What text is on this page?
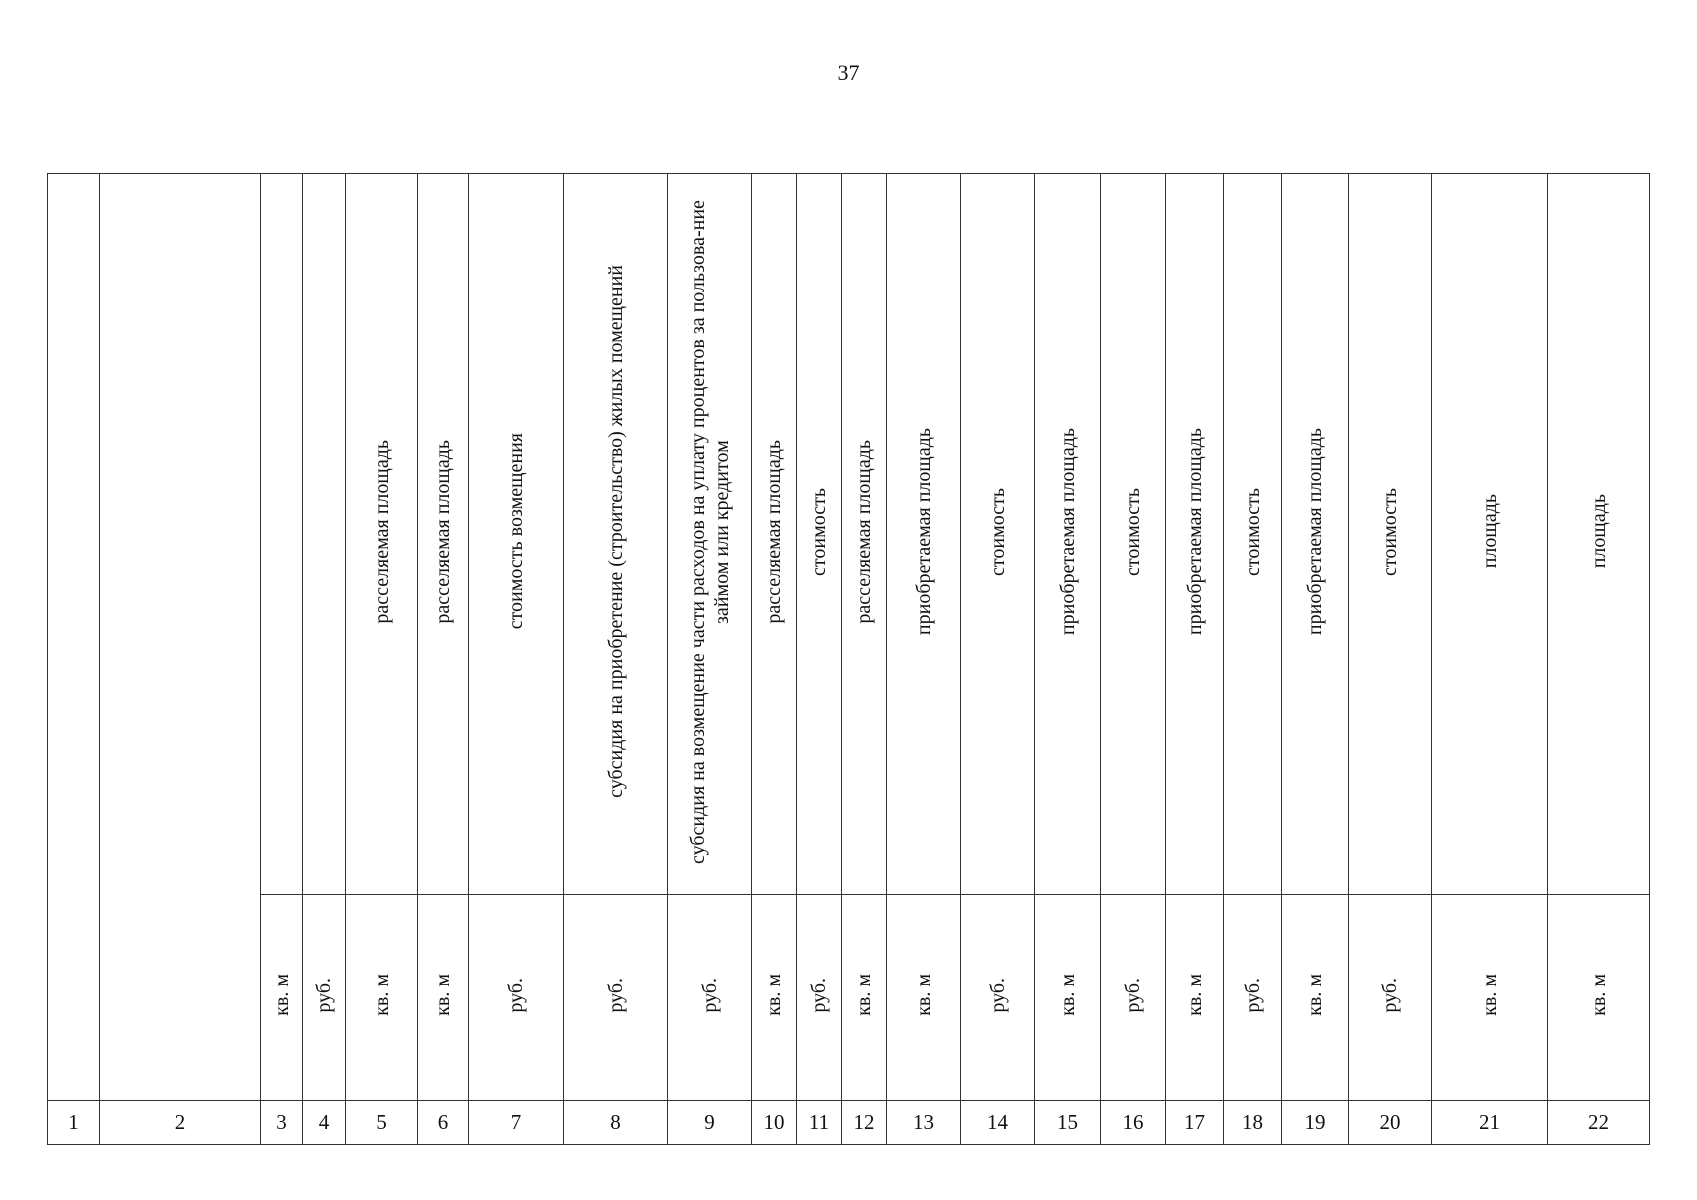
37
				расселяемая площадь	расселяемая площадь	стоимость возмещения	субсидия на приобретение (строительство) жилых помещений	субсидия на возмещение части расходов на уплату процентов за пользова-ние займом или кредитом	расселяемая площадь	стоимость	расселяемая площадь	приобретаемая площадь	стоимость	приобретаемая площадь	стоимость	приобретаемая площадь	стоимость	приобретаемая площадь	стоимость	площадь	площадь
		кв. м	руб.	кв. м	кв. м	руб.	руб.	руб.	кв. м	руб.	кв. м	кв. м	руб.	кв. м	руб.	кв. м	руб.	кв. м	руб.	кв. м	кв. м
1	2	3	4	5	6	7	8	9	10	11	12	13	14	15	16	17	18	19	20	21	22
